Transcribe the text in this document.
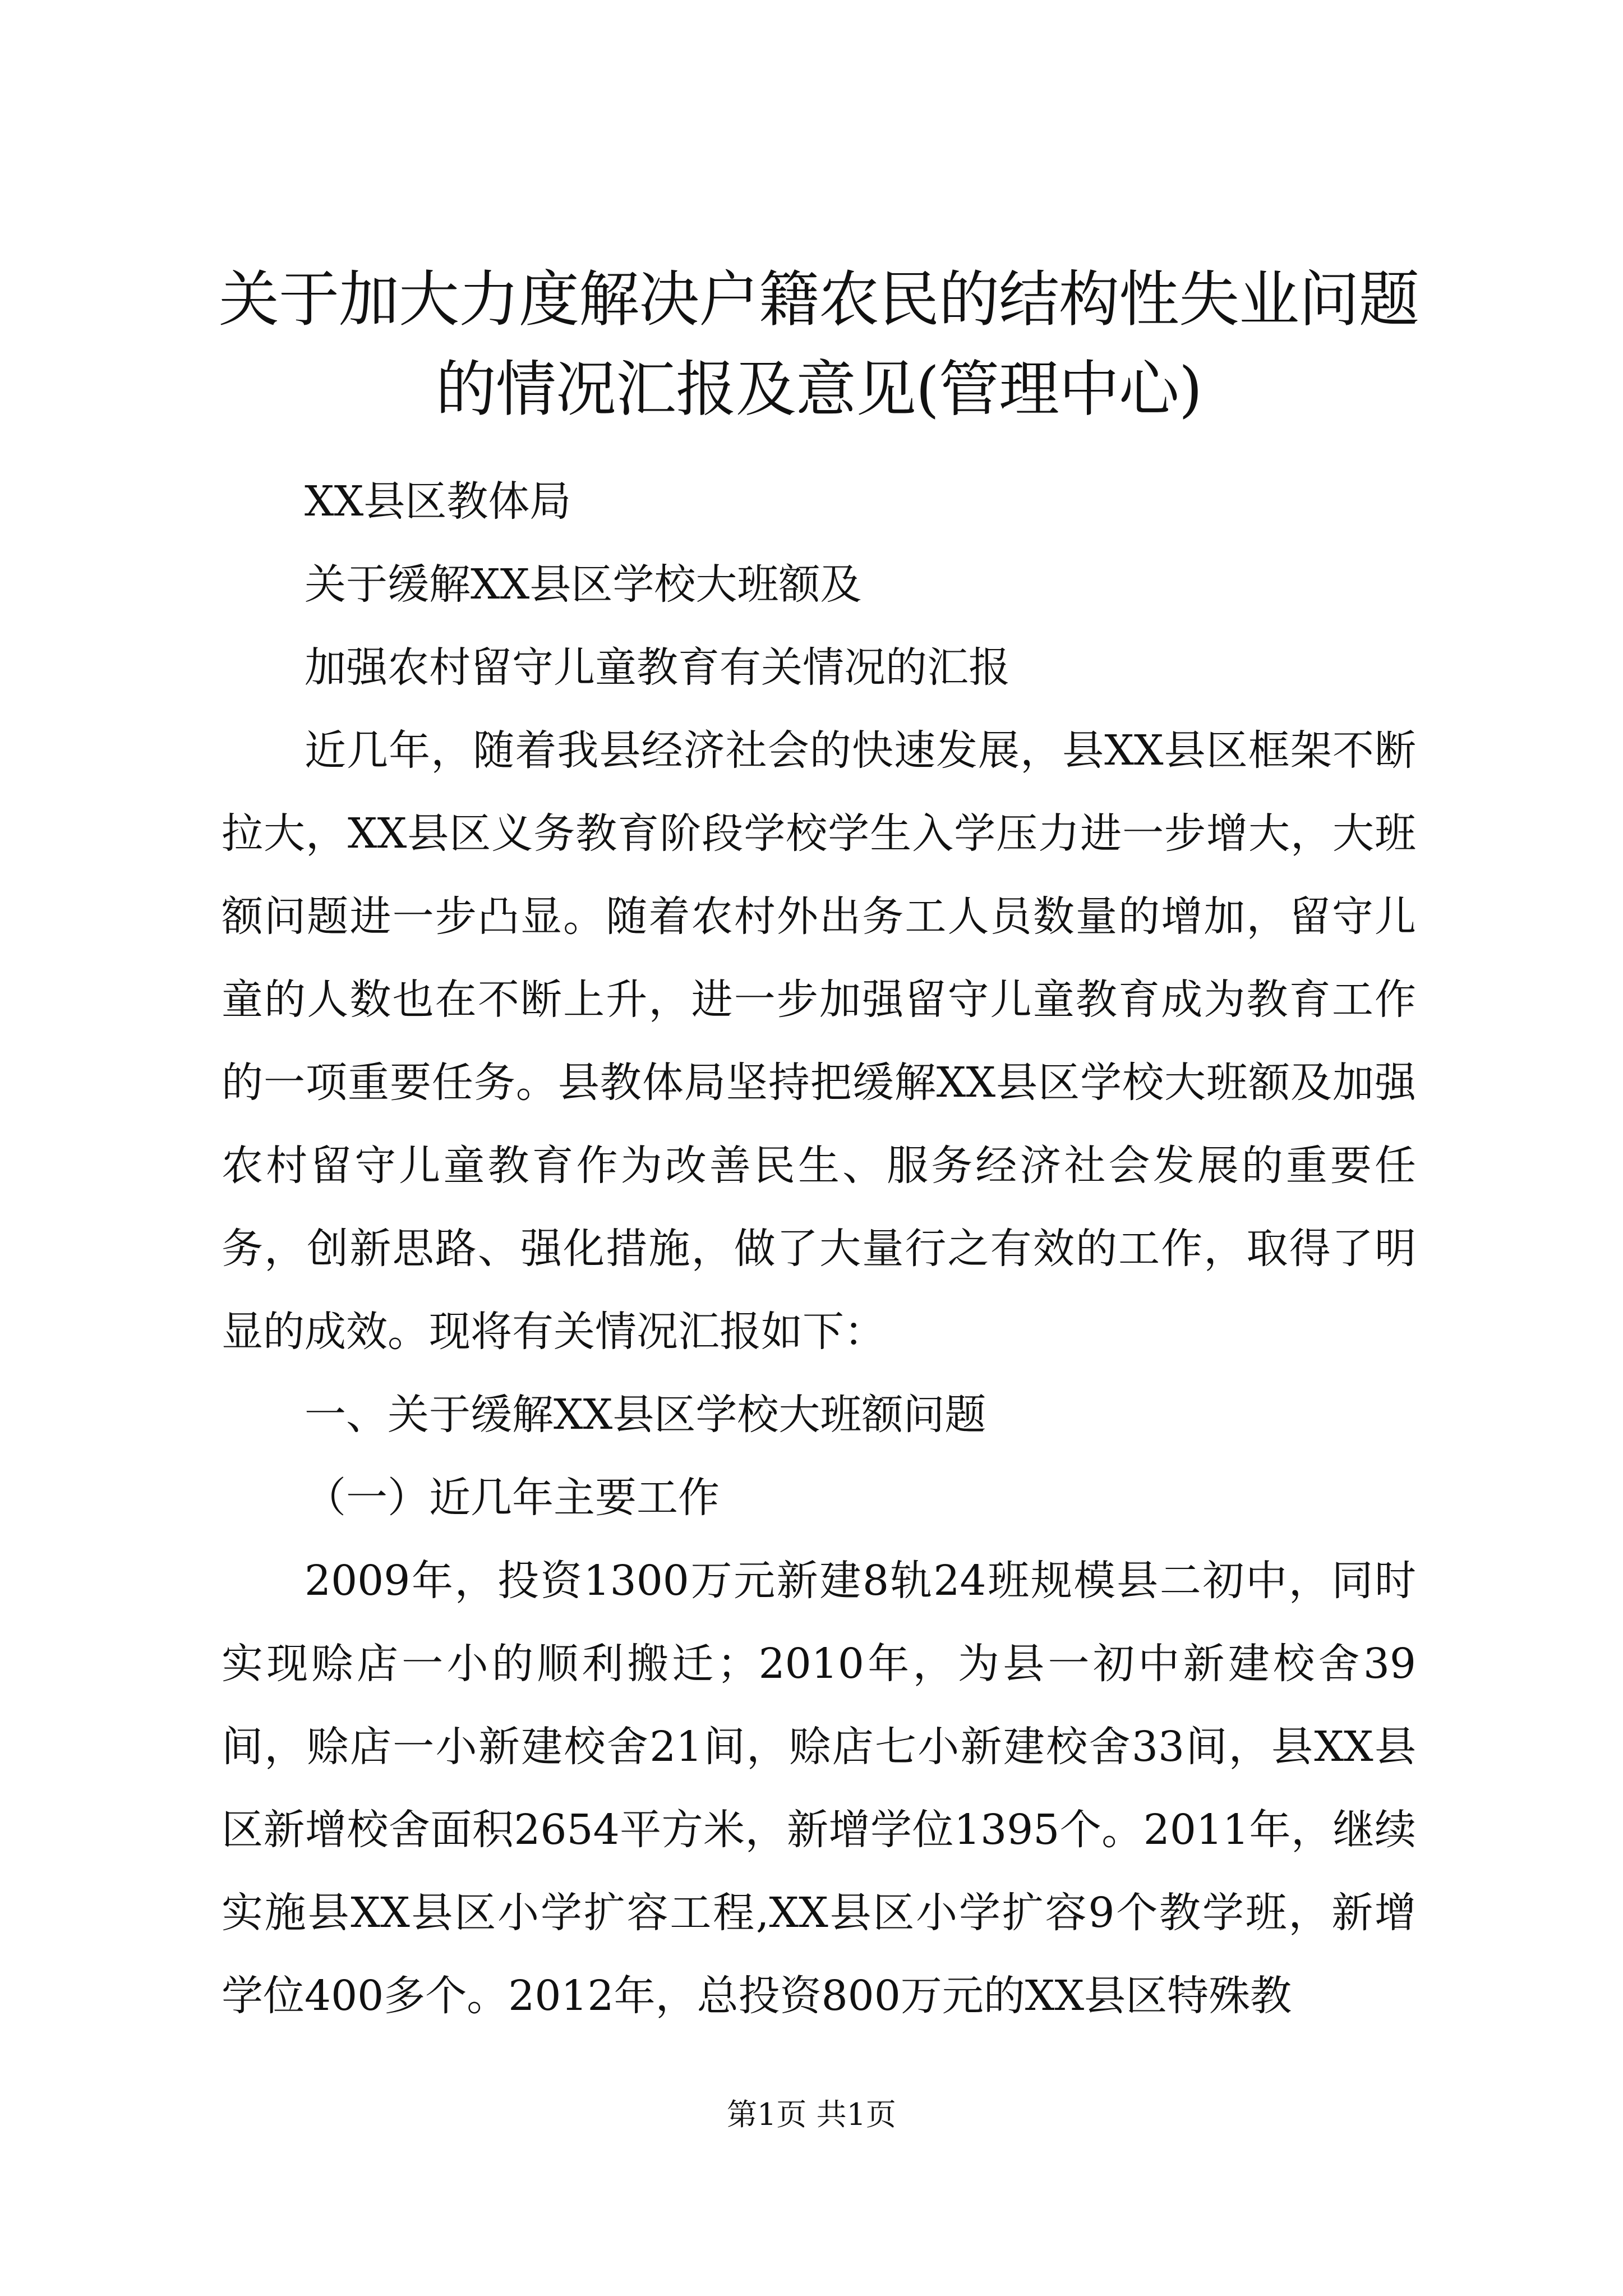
关于加大力度解决户籍农民的结构性失业问题
的情况汇报及意见(管理中心)

XX县区教体局

关于缓解XX县区学校大班额及

加强农村留守儿童教育有关情况的汇报

近几年，随着我县经济社会的快速发展，县XX县区框架不断拉大，XX县区义务教育阶段学校学生入学压力进一步增大，大班额问题进一步凸显。随着农村外出务工人员数量的增加，留守儿童的人数也在不断上升，进一步加强留守儿童教育成为教育工作的一项重要任务。县教体局坚持把缓解XX县区学校大班额及加强农村留守儿童教育作为改善民生、服务经济社会发展的重要任务，创新思路、强化措施，做了大量行之有效的工作，取得了明显的成效。现将有关情况汇报如下：

一、关于缓解XX县区学校大班额问题

（一）近几年主要工作

2009年，投资1300万元新建8轨24班规模县二初中，同时实现赊店一小的顺利搬迁；2010年，为县一初中新建校舍39间，赊店一小新建校舍21间，赊店七小新建校舍33间，县XX县区新增校舍面积2654平方米，新增学位1395个。2011年，继续实施县XX县区小学扩容工程,XX县区小学扩容9个教学班，新增学位400多个。2012年，总投资800万元的XX县区特殊教

第1页 共1页
